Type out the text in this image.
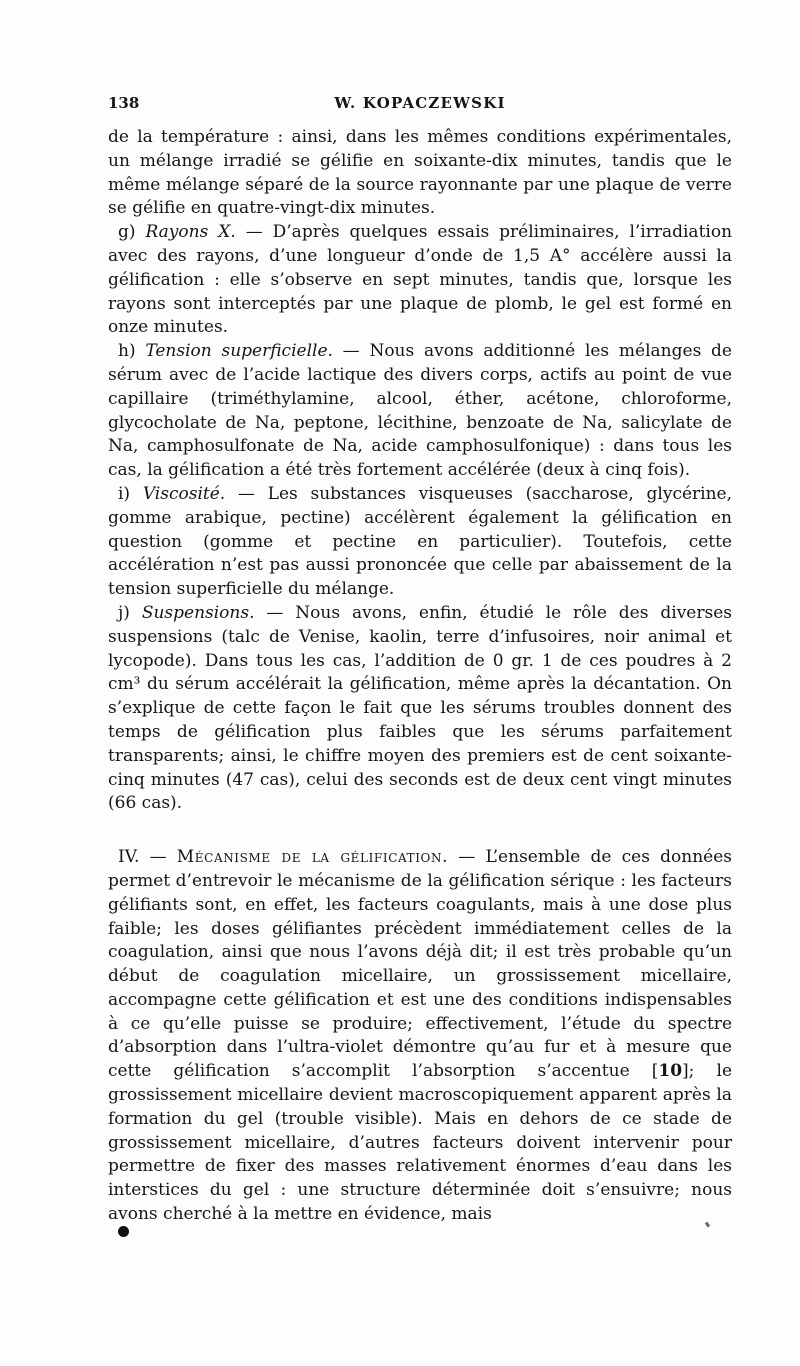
138	W. KOPACZEWSKI

de la température : ainsi, dans les mêmes conditions expérimentales, un mélange irradié se gélifie en soixante-dix minutes, tandis que le même mélange séparé de la source rayonnante par une plaque de verre se gélifie en quatre-vingt-dix minutes.

g) Rayons X. — D’après quelques essais préliminaires, l’irradiation avec des rayons, d’une longueur d’onde de 1,5 A° accélère aussi la gélification : elle s’observe en sept minutes, tandis que, lorsque les rayons sont interceptés par une plaque de plomb, le gel est formé en onze minutes.

h) Tension superficielle. — Nous avons additionné les mélanges de sérum avec de l’acide lactique des divers corps, actifs au point de vue capillaire (triméthylamine, alcool, éther, acétone, chloroforme, glycocholate de Na, peptone, lécithine, benzoate de Na, salicylate de Na, camphosulfonate de Na, acide camphosulfonique) : dans tous les cas, la gélification a été très fortement accélérée (deux à cinq fois).

i) Viscosité. — Les substances visqueuses (saccharose, glycérine, gomme arabique, pectine) accélèrent également la gélification en question (gomme et pectine en particulier). Toutefois, cette accélération n’est pas aussi prononcée que celle par abaissement de la tension superficielle du mélange.

j) Suspensions. — Nous avons, enfin, étudié le rôle des diverses suspensions (talc de Venise, kaolin, terre d’infusoires, noir animal et lycopode). Dans tous les cas, l’addition de 0 gr. 1 de ces poudres à 2 cm³ du sérum accélérait la gélification, même après la décantation. On s’explique de cette façon le fait que les sérums troubles donnent des temps de gélification plus faibles que les sérums parfaitement transparents; ainsi, le chiffre moyen des premiers est de cent soixante-cinq minutes (47 cas), celui des seconds est de deux cent vingt minutes (66 cas).

IV. — Mécanisme de la gélification. — L’ensemble de ces données permet d’entrevoir le mécanisme de la gélification sérique : les facteurs gélifiants sont, en effet, les facteurs coagulants, mais à une dose plus faible; les doses gélifiantes précèdent immédiatement celles de la coagulation, ainsi que nous l’avons déjà dit; il est très probable qu’un début de coagulation micellaire, un grossissement micellaire, accompagne cette gélification et est une des conditions indispensables à ce qu’elle puisse se produire; effectivement, l’étude du spectre d’absorption dans l’ultra-violet démontre qu’au fur et à mesure que cette gélification s’accomplit l’absorption s’accentue [10]; le grossissement micellaire devient macroscopiquement apparent après la formation du gel (trouble visible). Mais en dehors de ce stade de grossissement micellaire, d’autres facteurs doivent intervenir pour permettre de fixer des masses relativement énormes d’eau dans les interstices du gel : une structure déterminée doit s’ensuivre; nous avons cherché à la mettre en évidence, mais
